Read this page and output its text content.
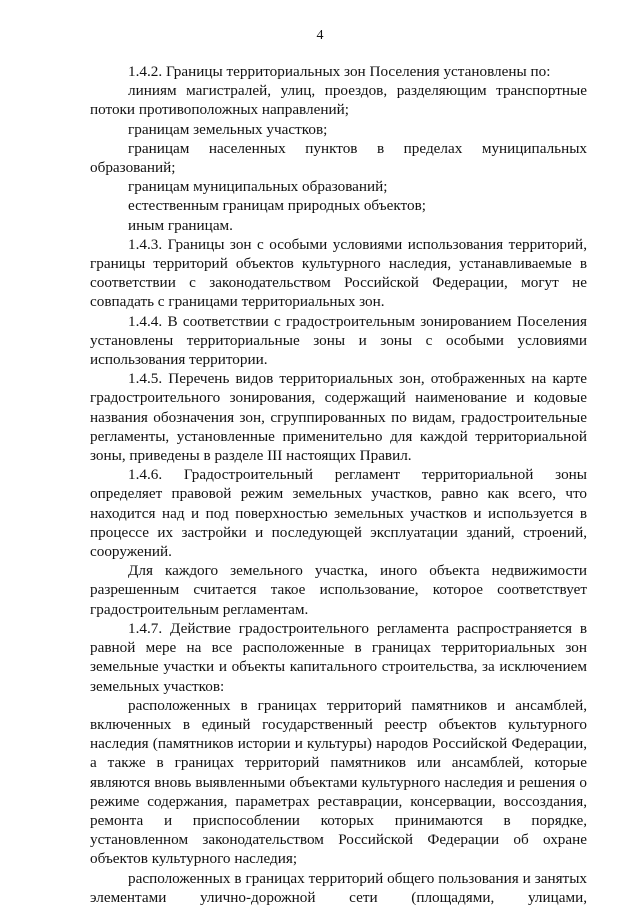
4

1.4.2. Границы территориальных зон Поселения установлены по:

линиям магистралей, улиц, проездов, разделяющим транспортные потоки противоположных направлений;

границам земельных участков;

границам населенных пунктов в пределах муниципальных образований;

границам муниципальных образований;

естественным границам природных объектов;

иным границам.

1.4.3. Границы зон с особыми условиями использования территорий, границы территорий объектов культурного наследия, устанавливаемые в соответствии с законодательством Российской Федерации, могут не совпадать с границами территориальных зон.

1.4.4. В соответствии с градостроительным зонированием Поселения установлены территориальные зоны и зоны с особыми условиями использования территории.

1.4.5. Перечень видов территориальных зон, отображенных на карте градостроительного зонирования, содержащий наименование и кодовые названия обозначения зон, сгруппированных по видам, градостроительные регламенты, установленные применительно для каждой территориальной зоны, приведены в разделе III настоящих Правил.

1.4.6. Градостроительный регламент территориальной зоны определяет правовой режим земельных участков, равно как всего, что находится над и под поверхностью земельных участков и используется в процессе их застройки и последующей эксплуатации зданий, строений, сооружений.

Для каждого земельного участка, иного объекта недвижимости разрешенным считается такое использование, которое соответствует градостроительным регламентам.

1.4.7. Действие градостроительного регламента распространяется в равной мере на все расположенные в границах территориальных зон земельные участки и объекты капитального строительства, за исключением земельных участков:

расположенных в границах территорий памятников и ансамблей, включенных в единый государственный реестр объектов культурного наследия (памятников истории и культуры) народов Российской Федерации, а также в границах территорий памятников или ансамблей, которые являются вновь выявленными объектами культурного наследия и решения о режиме содержания, параметрах реставрации, консервации, воссоздания, ремонта и приспособлении которых принимаются в порядке, установленном законодательством Российской Федерации об охране объектов культурного наследия;

расположенных в границах территорий общего пользования и занятых элементами улично-дорожной сети (площадями, улицами,
